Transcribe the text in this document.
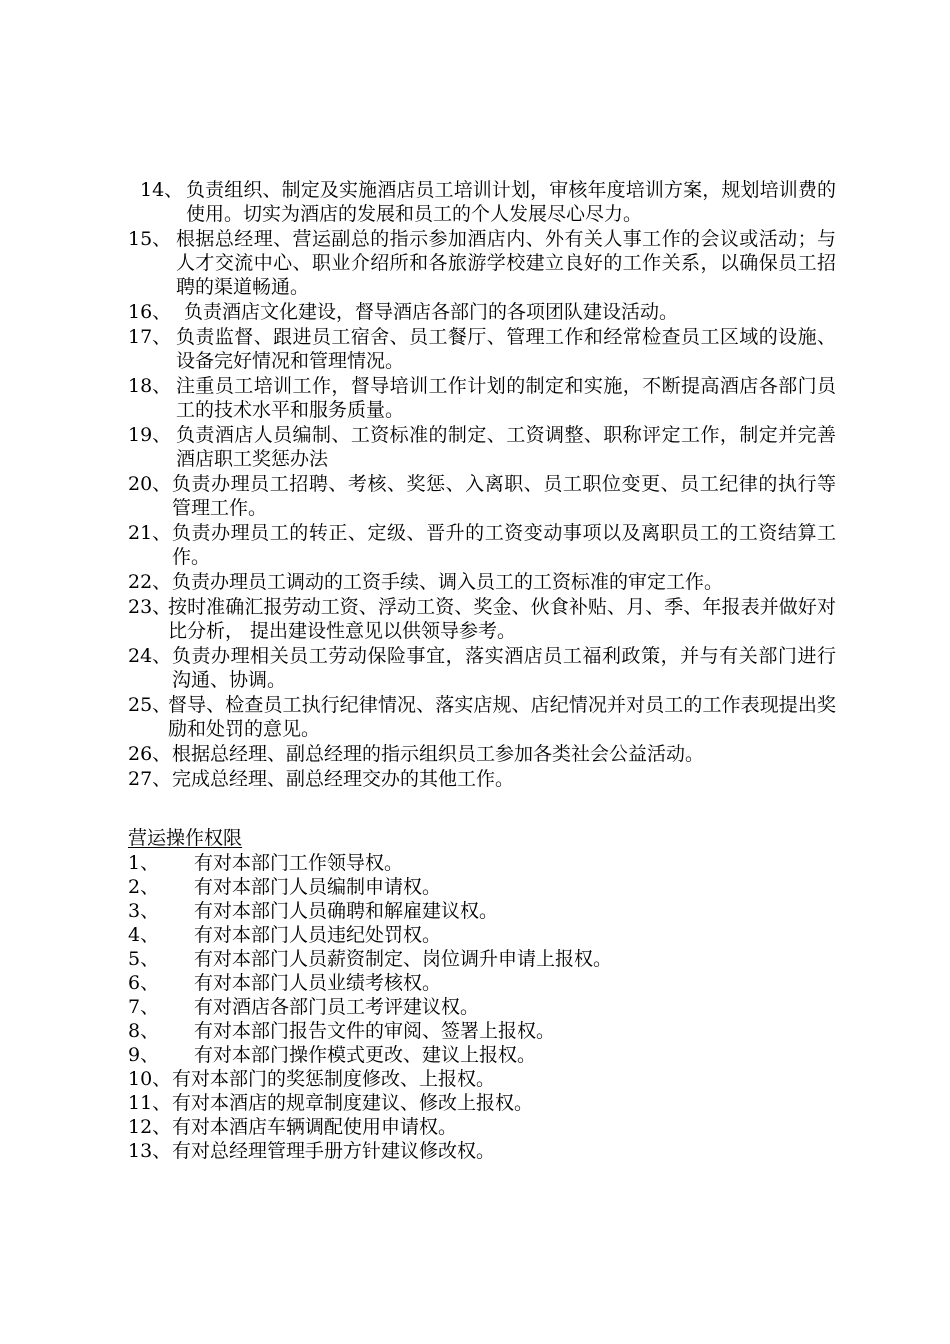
14、 负责组织、制定及实施酒店员工培训计划，审核年度培训方案，规划培训费的使用。切实为酒店的发展和员工的个人发展尽心尽力。
15、 根据总经理、营运副总的指示参加酒店内、外有关人事工作的会议或活动；与人才交流中心、职业介绍所和各旅游学校建立良好的工作关系，以确保员工招聘的渠道畅通。
16、 负责酒店文化建设，督导酒店各部门的各项团队建设活动。
17、 负责监督、跟进员工宿舍、员工餐厅、管理工作和经常检查员工区域的设施、设备完好情况和管理情况。
18、 注重员工培训工作，督导培训工作计划的制定和实施，不断提高酒店各部门员工的技术水平和服务质量。
19、 负责酒店人员编制、工资标准的制定、工资调整、职称评定工作，制定并完善酒店职工奖惩办法
20、 负责办理员工招聘、考核、奖惩、入离职、员工职位变更、员工纪律的执行等管理工作。
21、 负责办理员工的转正、定级、晋升的工资变动事项以及离职员工的工资结算工作。
22、 负责办理员工调动的工资手续、调入员工的工资标准的审定工作。
23、
按时准确汇报劳动工资、浮动工资、奖金、伙食补贴、月、季、年报表并做好对比分析， 提出建设性意见以供领导参考。
24、 负责办理相关员工劳动保险事宜，落实酒店员工福利政策，并与有关部门进行沟通、协调。
25、
督导、检查员工执行纪律情况、落实店规、店纪情况并对员工的工作表现提出奖励和处罚的意见。
26、 根据总经理、副总经理的指示组织员工参加各类社会公益活动。
27、 完成总经理、副总经理交办的其他工作。
营运操作权限
1、 有对本部门工作领导权。
2、 有对本部门人员编制申请权。
3、 有对本部门人员确聘和解雇建议权。
4、 有对本部门人员违纪处罚权。
5、 有对本部门人员薪资制定、岗位调升申请上报权。
6、 有对本部门人员业绩考核权。
7、 有对酒店各部门员工考评建议权。
8、 有对本部门报告文件的审阅、签署上报权。
9、 有对本部门操作模式更改、建议上报权。
10、 有对本部门的奖惩制度修改、上报权。
11、 有对本酒店的规章制度建议、修改上报权。
12、 有对本酒店车辆调配使用申请权。
13、 有对总经理管理手册方针建议修改权。
